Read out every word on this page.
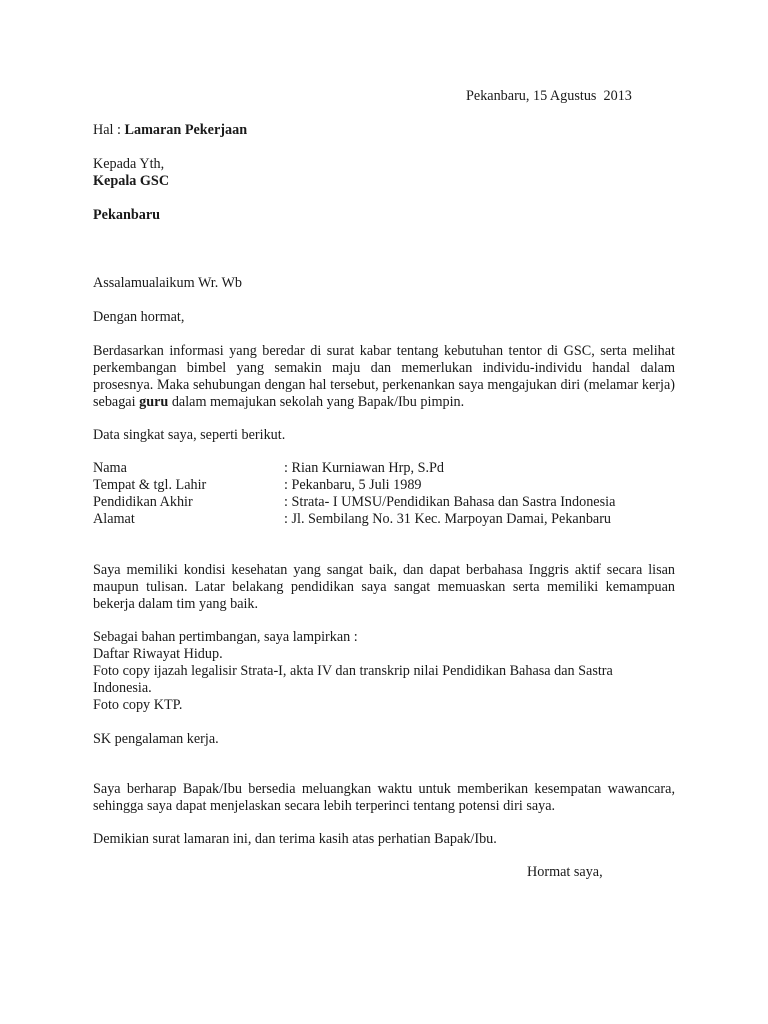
Pekanbaru, 15 Agustus  2013

Hal : Lamaran Pekerjaan

Kepada Yth,

Kepala GSC

Pekanbaru

Assalamualaikum Wr. Wb

Dengan hormat,

Berdasarkan informasi yang beredar di surat kabar tentang kebutuhan tentor di GSC, serta melihat perkembangan bimbel yang semakin maju dan memerlukan individu-individu handal dalam prosesnya. Maka sehubungan dengan hal tersebut, perkenankan saya mengajukan diri (melamar kerja) sebagai guru dalam memajukan sekolah yang Bapak/Ibu pimpin.

Data singkat saya, seperti berikut.

Nama	: Rian Kurniawan Hrp, S.Pd
Tempat & tgl. Lahir	: Pekanbaru, 5 Juli 1989
Pendidikan Akhir	: Strata- I UMSU/Pendidikan Bahasa dan Sastra Indonesia
Alamat	: Jl. Sembilang No. 31 Kec. Marpoyan Damai, Pekanbaru

Saya memiliki kondisi kesehatan yang sangat baik, dan dapat berbahasa Inggris aktif secara lisan maupun tulisan. Latar belakang pendidikan saya sangat memuaskan serta memiliki kemampuan bekerja dalam tim yang baik.

Sebagai bahan pertimbangan, saya lampirkan :

Daftar Riwayat Hidup.

Foto copy ijazah legalisir Strata-I, akta IV dan transkrip nilai Pendidikan Bahasa dan Sastra Indonesia.

Foto copy KTP.

SK pengalaman kerja.

Saya berharap Bapak/Ibu bersedia meluangkan waktu untuk memberikan kesempatan wawancara, sehingga saya dapat menjelaskan secara lebih terperinci tentang potensi diri saya.

Demikian surat lamaran ini, dan terima kasih atas perhatian Bapak/Ibu.

Hormat saya,
